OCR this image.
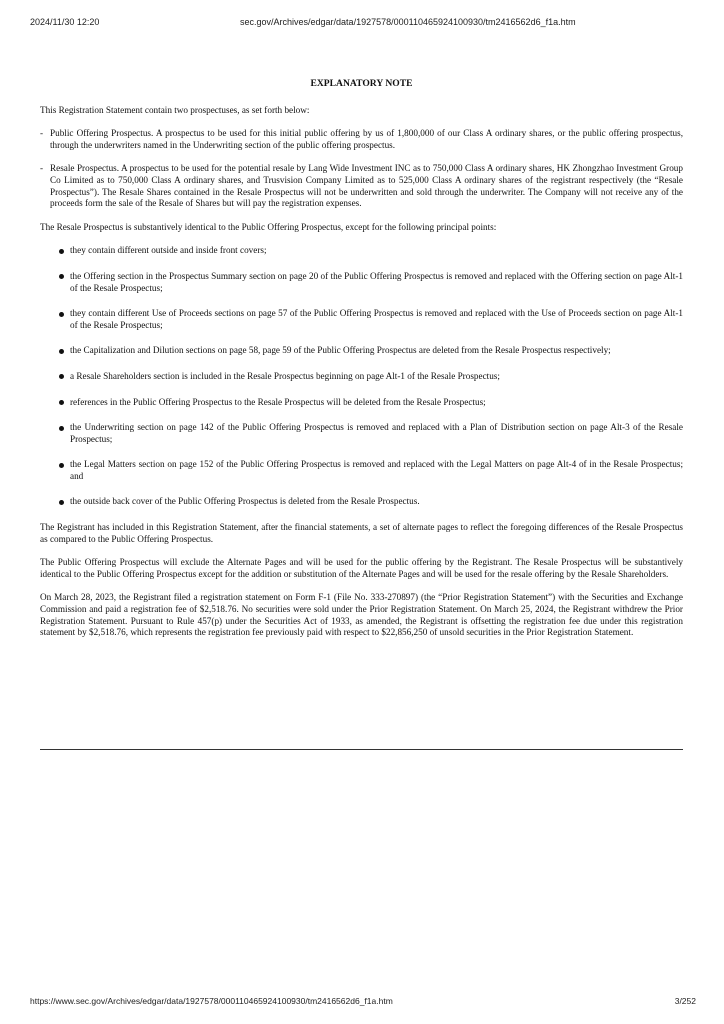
2024/11/30 12:20	sec.gov/Archives/edgar/data/1927578/000110465924100930/tm2416562d6_f1a.htm
EXPLANATORY NOTE

This Registration Statement contain two prospectuses, as set forth below:

- Public Offering Prospectus. A prospectus to be used for this initial public offering by us of 1,800,000 of our Class A ordinary shares, or the public offering prospectus, through the underwriters named in the Underwriting section of the public offering prospectus.
- Resale Prospectus. A prospectus to be used for the potential resale by Lang Wide Investment INC as to 750,000 Class A ordinary shares, HK Zhongzhao Investment Group Co Limited as to 750,000 Class A ordinary shares, and Trusvision Company Limited as to 525,000 Class A ordinary shares of the registrant respectively (the “Resale Prospectus”). The Resale Shares contained in the Resale Prospectus will not be underwritten and sold through the underwriter. The Company will not receive any of the proceeds form the sale of the Resale of Shares but will pay the registration expenses.

The Resale Prospectus is substantively identical to the Public Offering Prospectus, except for the following principal points:

they contain different outside and inside front covers;
the Offering section in the Prospectus Summary section on page 20 of the Public Offering Prospectus is removed and replaced with the Offering section on page Alt-1 of the Resale Prospectus;
they contain different Use of Proceeds sections on page 57 of the Public Offering Prospectus is removed and replaced with the Use of Proceeds section on page Alt-1 of the Resale Prospectus;
the Capitalization and Dilution sections on page 58, page 59 of the Public Offering Prospectus are deleted from the Resale Prospectus respectively;
a Resale Shareholders section is included in the Resale Prospectus beginning on page Alt-1 of the Resale Prospectus;
references in the Public Offering Prospectus to the Resale Prospectus will be deleted from the Resale Prospectus;
the Underwriting section on page 142 of the Public Offering Prospectus is removed and replaced with a Plan of Distribution section on page Alt-3 of the Resale Prospectus;
the Legal Matters section on page 152 of the Public Offering Prospectus is removed and replaced with the Legal Matters on page Alt-4 of in the Resale Prospectus; and
the outside back cover of the Public Offering Prospectus is deleted from the Resale Prospectus.

The Registrant has included in this Registration Statement, after the financial statements, a set of alternate pages to reflect the foregoing differences of the Resale Prospectus as compared to the Public Offering Prospectus.

The Public Offering Prospectus will exclude the Alternate Pages and will be used for the public offering by the Registrant. The Resale Prospectus will be substantively identical to the Public Offering Prospectus except for the addition or substitution of the Alternate Pages and will be used for the resale offering by the Resale Shareholders.

On March 28, 2023, the Registrant filed a registration statement on Form F-1 (File No. 333-270897) (the “Prior Registration Statement”) with the Securities and Exchange Commission and paid a registration fee of $2,518.76. No securities were sold under the Prior Registration Statement. On March 25, 2024, the Registrant withdrew the Prior Registration Statement. Pursuant to Rule 457(p) under the Securities Act of 1933, as amended, the Registrant is offsetting the registration fee due under this registration statement by $2,518.76, which represents the registration fee previously paid with respect to $22,856,250 of unsold securities in the Prior Registration Statement.

https://www.sec.gov/Archives/edgar/data/1927578/000110465924100930/tm2416562d6_f1a.htm	3/252
